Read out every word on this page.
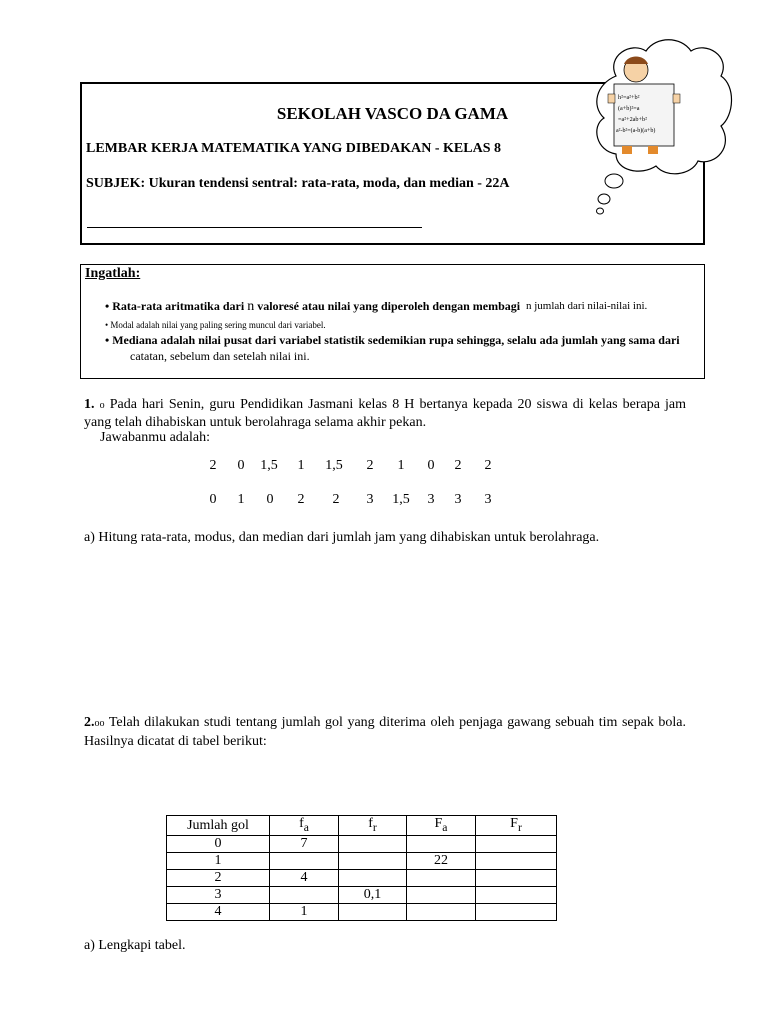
SEKOLAH VASCO DA GAMA
LEMBAR KERJA MATEMATIKA YANG DIBEDAKAN - KELAS 8
SUBJEK: Ukuran tendensi sentral: rata-rata, moda, dan median - 22A
h²=a²+b²
(a+b)²=a
=a²+2ab+b²
a²-b²=(a-b)(a+b)
Ingatlah:
• Rata-rata aritmatika dari n valoresé atau nilai yang diperoleh dengan membagi n jumlah dari nilai-nilai ini.
• Modal adalah nilai yang paling sering muncul dari variabel.
• Mediana adalah nilai pusat dari variabel statistik sedemikian rupa sehingga, selalu ada jumlah yang sama dari
catatan, sebelum dan setelah nilai ini.
1. o Pada hari Senin, guru Pendidikan Jasmani kelas 8 H bertanya kepada 20 siswa di kelas berapa jam yang telah dihabiskan untuk berolahraga selama akhir pekan.
Jawabanmu adalah:
2	0	1,5	1	1,5	2	1	0	2	2
0	1	0	2	2	3	1,5	3	3	3
a) Hitung rata-rata, modus, dan median dari jumlah jam yang dihabiskan untuk berolahraga.
2.oo Telah dilakukan studi tentang jumlah gol yang diterima oleh penjaga gawang sebuah tim sepak bola. Hasilnya dicatat di tabel berikut:
Jumlah gol	$f_a$	$f_r$	$F_a$	$F_r$
0	7			
1			22	
2	4			
3		0,1		
4	1			
a) Lengkapi tabel.
